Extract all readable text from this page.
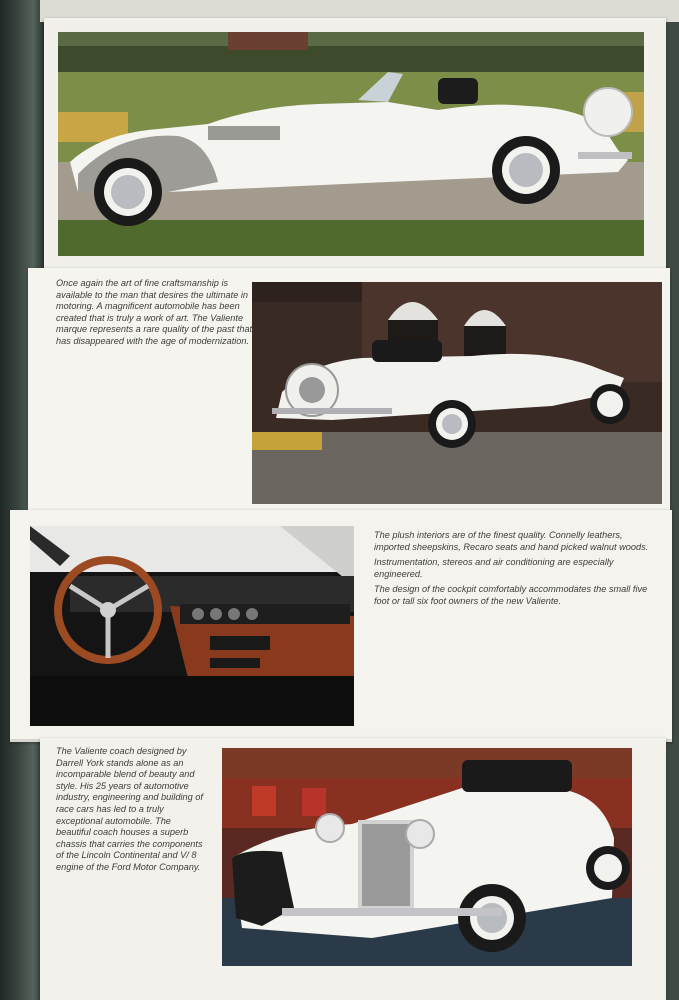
Once again the art of fine craftsmanship is available to the man that desires the ultimate in motoring. A magnificent automobile has been created that is truly a work of art. The Valiente marque represents a rare quality of the past that has disappeared with the age of modernization.

The plush interiors are of the finest quality. Connelly leathers, imported sheepskins, Recaro seats and hand picked walnut woods.

Instrumentation, stereos and air conditioning are especially engineered.

The design of the cockpit comfortably accommodates the small five foot or tall six foot owners of the new Valiente.

The Valiente coach designed by Darrell York stands alone as an incomparable blend of beauty and style. His 25 years of automotive industry, engineering and building of race cars has led to a truly exceptional automobile. The beautiful coach houses a superb chassis that carries the components of the Lincoln Continental and V/ 8 engine of the Ford Motor Company.
